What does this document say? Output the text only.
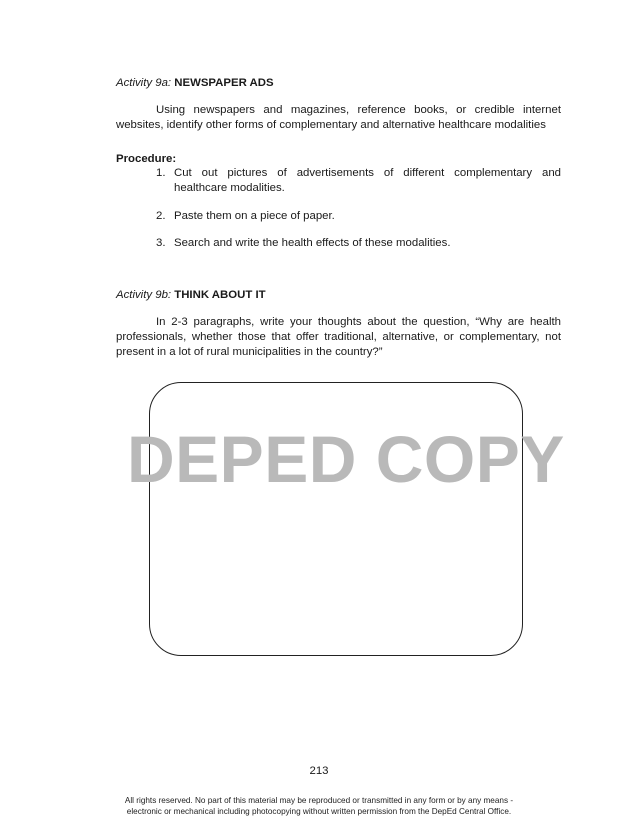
Activity 9a: NEWSPAPER ADS
Using newspapers and magazines, reference books, or credible internet websites, identify other forms of complementary and alternative healthcare modalities
Procedure:
1. Cut out pictures of advertisements of different complementary and healthcare modalities.
2. Paste them on a piece of paper.
3. Search and write the health effects of these modalities.
Activity 9b: THINK ABOUT IT
In 2-3 paragraphs, write your thoughts about the question, “Why are health professionals, whether those that offer traditional, alternative, or complementary, not present in a lot of rural municipalities in the country?”
DEPED COPY
213
All rights reserved. No part of this material may be reproduced or transmitted in any form or by any means -
electronic or mechanical including photocopying without written permission from the DepEd Central Office.
